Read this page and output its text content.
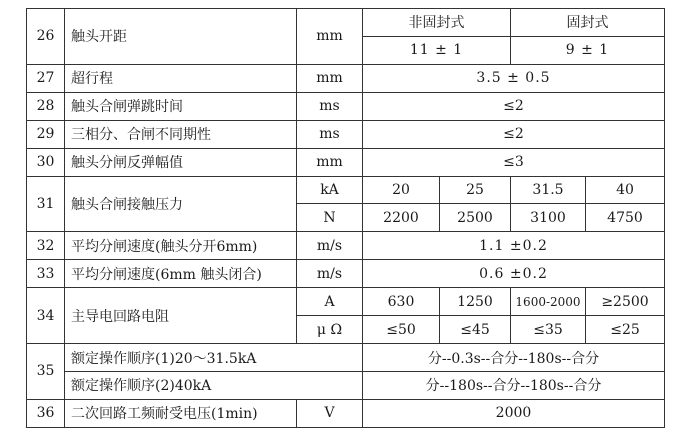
26	触头开距	mm	非固封式		固封式	
			11 ± 1		9 ± 1	
27	超行程	mm	3.5 ± 0.5			
28	触头合闸弹跳时间	ms	≤2			
29	三相分、合闸不同期性	ms	≤2			
30	触头分闸反弹幅值	mm	≤3			
31	触头合闸接触压力	kA	20	25	31.5	40
		N	2200	2500	3100	4750
32	平均分闸速度(触头分开6mm)	m/s	1.1 ±0.2			
33	平均分闸速度(6mm 触头闭合)	m/s	0.6 ±0.2			
34	主导电回路电阻	A	630	1250	1600-2000	≥2500
		μ Ω	≤50	≤45	≤35	≤25
35	额定操作顺序(1)20～31.5kA		分--0.3s--合分--180s--合分			
	额定操作顺序(2)40kA		分--180s--合分--180s--合分			
36	二次回路工频耐受电压(1min)	V	2000			
